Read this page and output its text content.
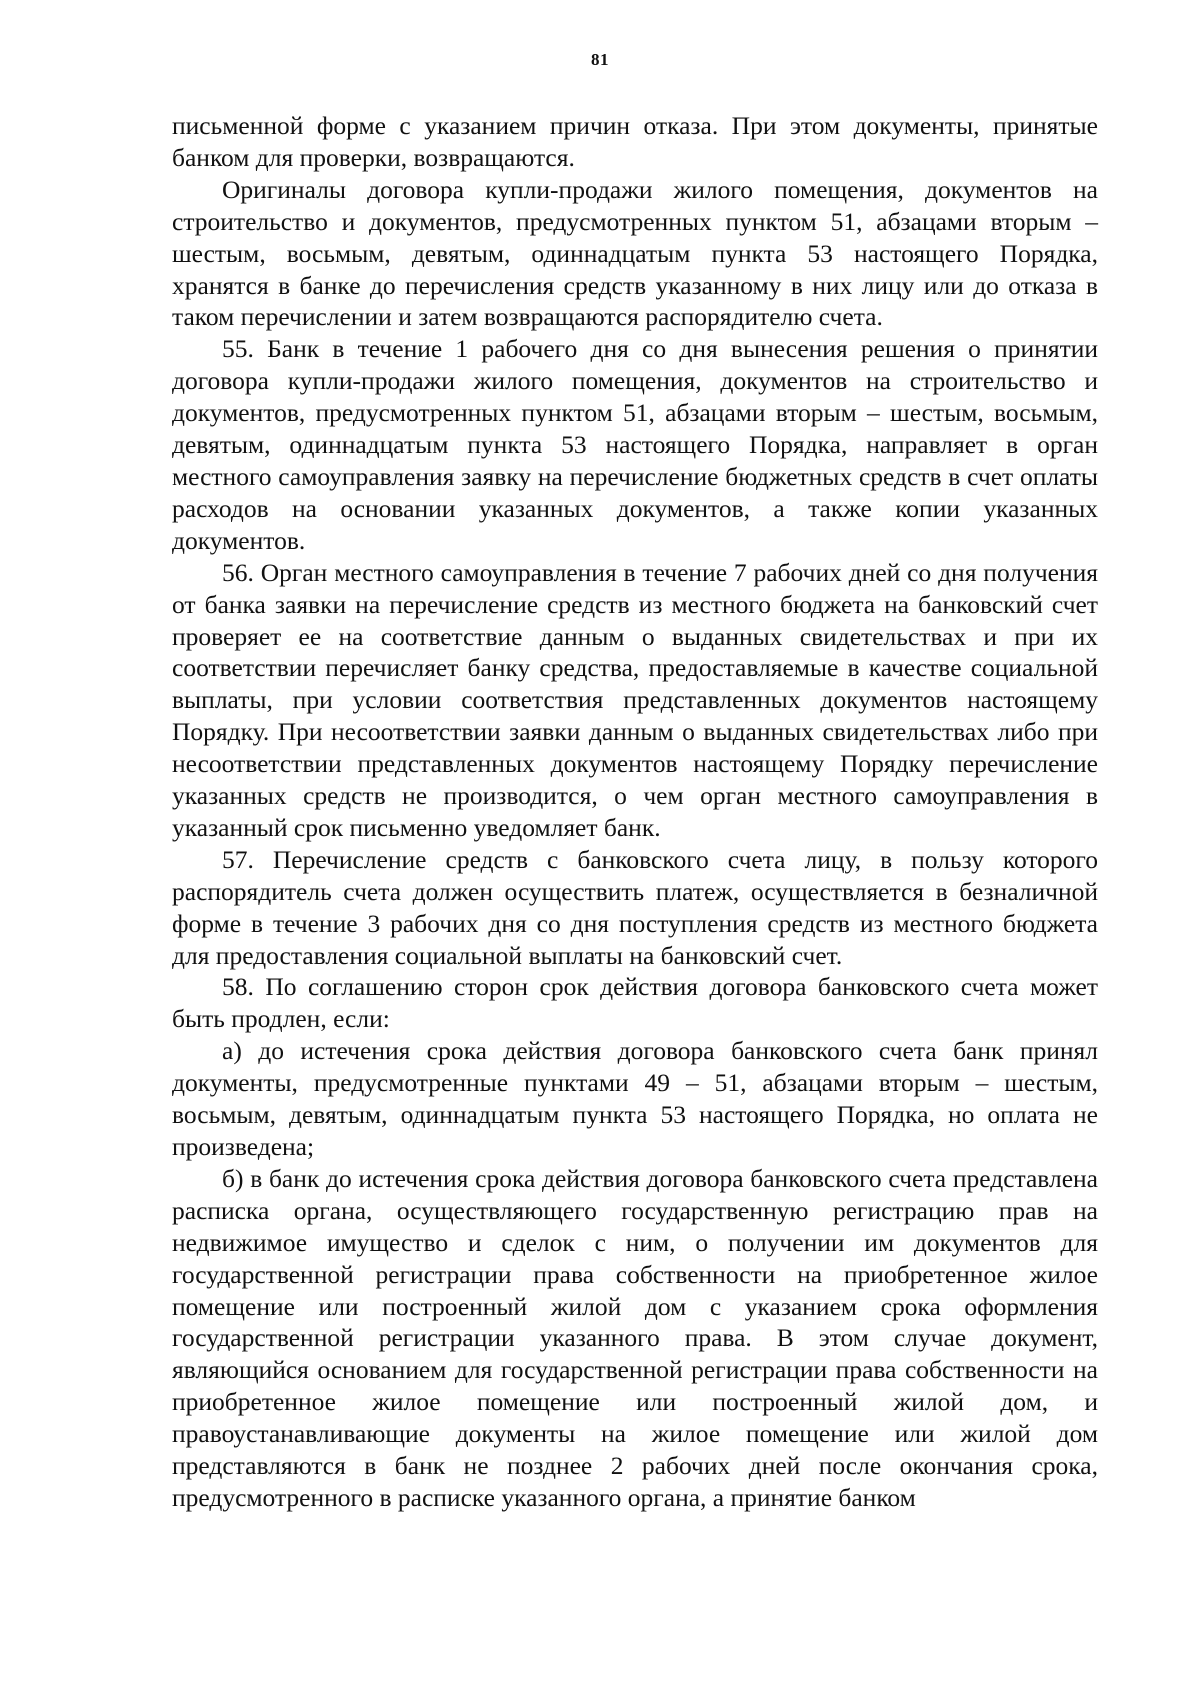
81

письменной форме с указанием причин отказа. При этом документы, принятые банком для проверки, возвращаются.

Оригиналы договора купли-продажи жилого помещения, документов на строительство и документов, предусмотренных пунктом 51, абзацами вторым – шестым, восьмым, девятым, одиннадцатым пункта 53 настоящего Порядка, хранятся в банке до перечисления средств указанному в них лицу или до отказа в таком перечислении и затем возвращаются распорядителю счета.

55. Банк в течение 1 рабочего дня со дня вынесения решения о принятии договора купли-продажи жилого помещения, документов на строительство и документов, предусмотренных пунктом 51, абзацами вторым – шестым, восьмым, девятым, одиннадцатым пункта 53 настоящего Порядка, направляет в орган местного самоуправления заявку на перечисление бюджетных средств в счет оплаты расходов на основании указанных документов, а также копии указанных документов.

56. Орган местного самоуправления в течение 7 рабочих дней со дня получения от банка заявки на перечисление средств из местного бюджета на банковский счет проверяет ее на соответствие данным о выданных свидетельствах и при их соответствии перечисляет банку средства, предоставляемые в качестве социальной выплаты, при условии соответствия представленных документов настоящему Порядку. При несоответствии заявки данным о выданных свидетельствах либо при несоответствии представленных документов настоящему Порядку перечисление указанных средств не производится, о чем орган местного самоуправления в указанный срок письменно уведомляет банк.

57. Перечисление средств с банковского счета лицу, в пользу которого распорядитель счета должен осуществить платеж, осуществляется в безналичной форме в течение 3 рабочих дня со дня поступления средств из местного бюджета для предоставления социальной выплаты на банковский счет.

58. По соглашению сторон срок действия договора банковского счета может быть продлен, если:

а) до истечения срока действия договора банковского счета банк принял документы, предусмотренные пунктами 49 – 51, абзацами вторым – шестым, восьмым, девятым, одиннадцатым пункта 53 настоящего Порядка, но оплата не произведена;

б) в банк до истечения срока действия договора банковского счета представлена расписка органа, осуществляющего государственную регистрацию прав на недвижимое имущество и сделок с ним, о получении им документов для государственной регистрации права собственности на приобретенное жилое помещение или построенный жилой дом с указанием срока оформления государственной регистрации указанного права. В этом случае документ, являющийся основанием для государственной регистрации права собственности на приобретенное жилое помещение или построенный жилой дом, и правоустанавливающие документы на жилое помещение или жилой дом представляются в банк не позднее 2 рабочих дней после окончания срока, предусмотренного в расписке указанного органа, а принятие банком
